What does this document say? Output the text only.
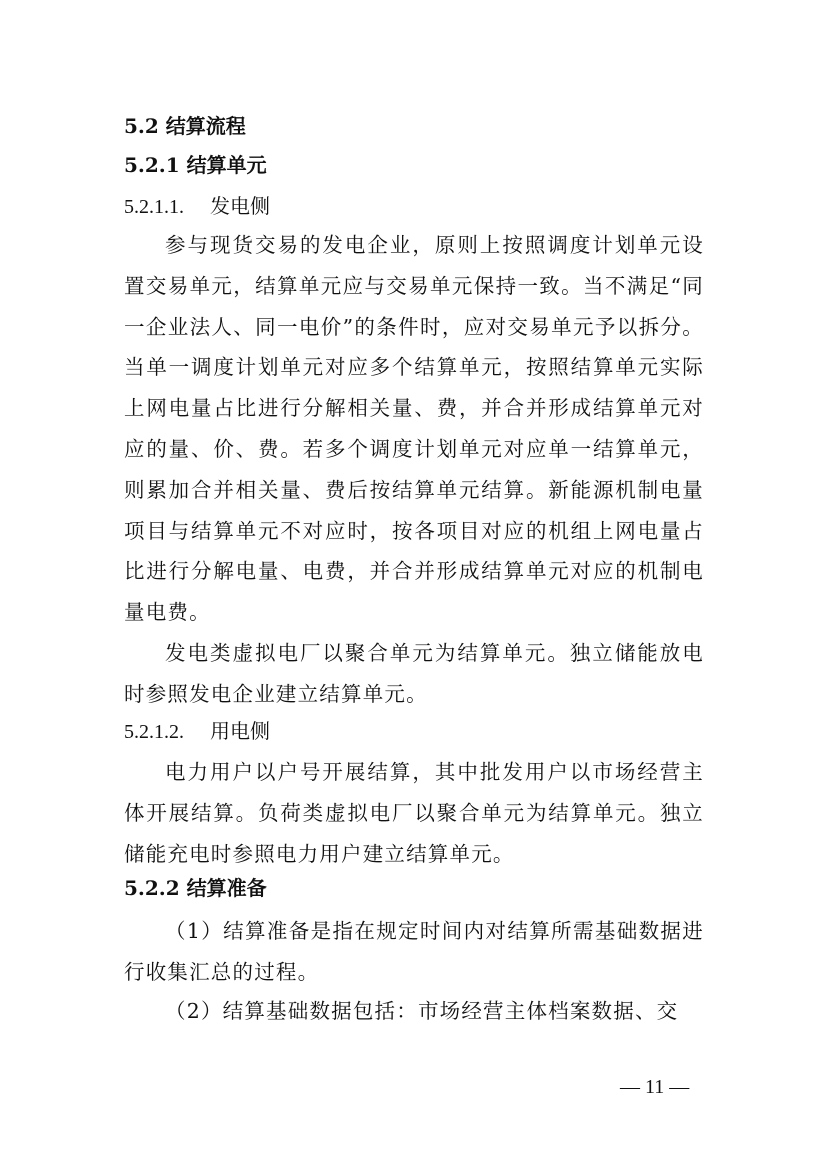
5.2 结算流程
5.2.1 结算单元
5.2.1.1. 发电侧
参与现货交易的发电企业，原则上按照调度计划单元设置交易单元，结算单元应与交易单元保持一致。当不满足“同一企业法人、同一电价”的条件时，应对交易单元予以拆分。当单一调度计划单元对应多个结算单元，按照结算单元实际上网电量占比进行分解相关量、费，并合并形成结算单元对应的量、价、费。若多个调度计划单元对应单一结算单元，则累加合并相关量、费后按结算单元结算。新能源机制电量项目与结算单元不对应时，按各项目对应的机组上网电量占比进行分解电量、电费，并合并形成结算单元对应的机制电量电费。
发电类虚拟电厂以聚合单元为结算单元。独立储能放电时参照发电企业建立结算单元。
5.2.1.2. 用电侧
电力用户以户号开展结算，其中批发用户以市场经营主体开展结算。负荷类虚拟电厂以聚合单元为结算单元。独立储能充电时参照电力用户建立结算单元。
5.2.2 结算准备
（1）结算准备是指在规定时间内对结算所需基础数据进行收集汇总的过程。
（2）结算基础数据包括：市场经营主体档案数据、交
— 11 —
